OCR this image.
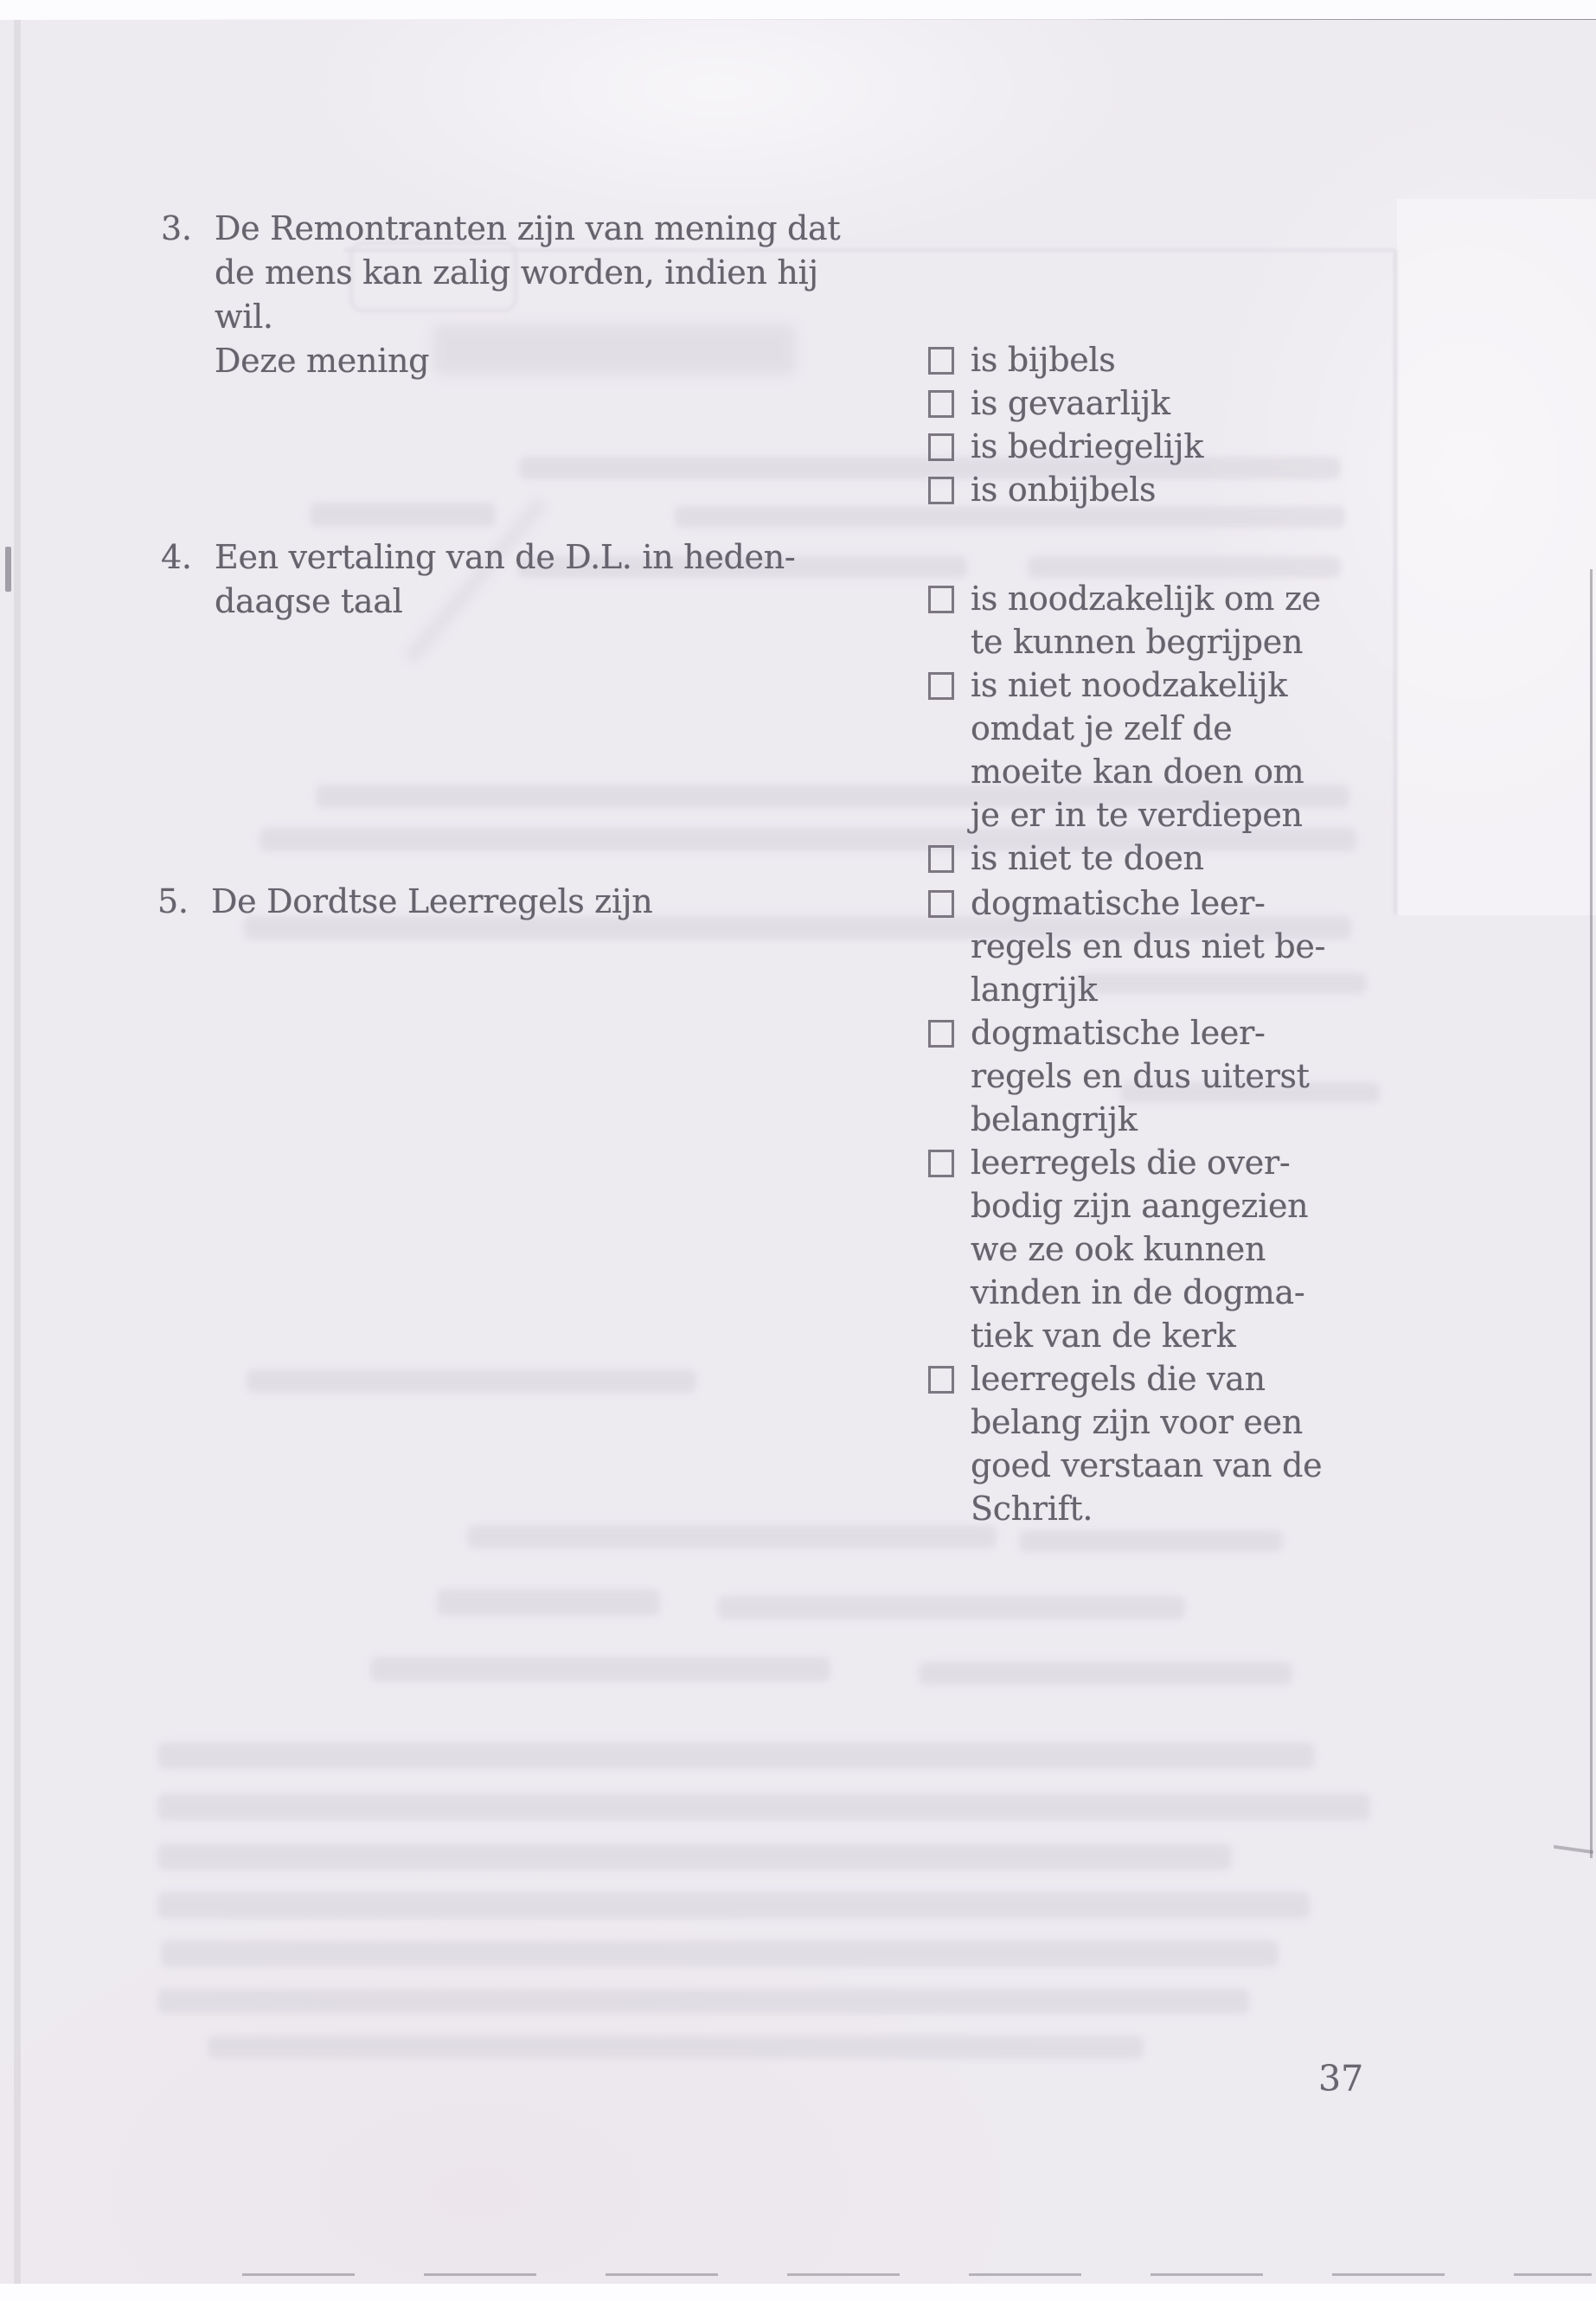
3. De Remontranten zijn van mening dat
de mens kan zalig worden, indien hij
wil.
Deze mening	is bijbels
is gevaarlijk
is bedriegelijk
is onbijbels
4. Een vertaling van de D.L. in heden-
daagse taal	is noodzakelijk om ze
te kunnen begrijpen
is niet noodzakelijk
omdat je zelf de
moeite kan doen om
je er in te verdiepen
is niet te doen
5. De Dordtse Leerregels zijn	dogmatische leer-
regels en dus niet be-
langrijk
dogmatische leer-
regels en dus uiterst
belangrijk
leerregels die over-
bodig zijn aangezien
we ze ook kunnen
vinden in de dogma-
tiek van de kerk
leerregels die van
belang zijn voor een
goed verstaan van de
Schrift.
37
